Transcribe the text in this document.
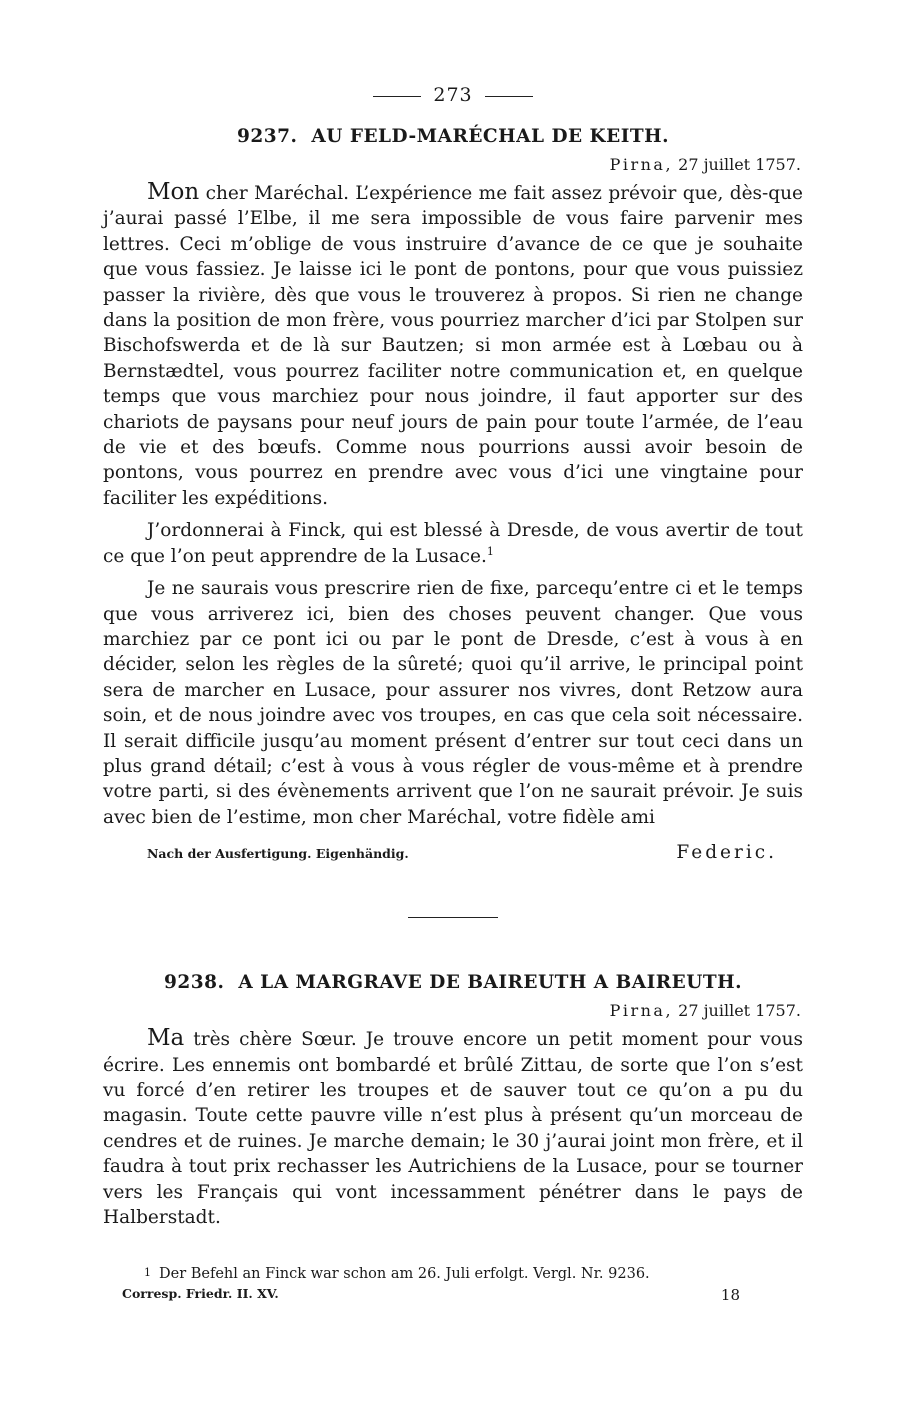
273
9237. AU FELD-MARÉCHAL DE KEITH.
Pirna, 27 juillet 1757.

Mon cher Maréchal. L’expérience me fait assez prévoir que, dès-que j’aurai passé l’Elbe, il me sera impossible de vous faire parvenir mes lettres. Ceci m’oblige de vous instruire d’avance de ce que je souhaite que vous fassiez. Je laisse ici le pont de pontons, pour que vous puissiez passer la rivière, dès que vous le trouverez à propos. Si rien ne change dans la position de mon frère, vous pourriez marcher d’ici par Stolpen sur Bischofswerda et de là sur Bautzen; si mon armée est à Lœbau ou à Bernstædtel, vous pourrez faciliter notre communication et, en quelque temps que vous marchiez pour nous joindre, il faut apporter sur des chariots de paysans pour neuf jours de pain pour toute l’armée, de l’eau de vie et des bœufs. Comme nous pourrions aussi avoir besoin de pontons, vous pourrez en prendre avec vous d’ici une vingtaine pour faciliter les expéditions.

J’ordonnerai à Finck, qui est blessé à Dresde, de vous avertir de tout ce que l’on peut apprendre de la Lusace.$^1$

Je ne saurais vous prescrire rien de fixe, parcequ’entre ci et le temps que vous arriverez ici, bien des choses peuvent changer. Que vous marchiez par ce pont ici ou par le pont de Dresde, c’est à vous à en décider, selon les règles de la sûreté; quoi qu’il arrive, le principal point sera de marcher en Lusace, pour assurer nos vivres, dont Retzow aura soin, et de nous joindre avec vos troupes, en cas que cela soit nécessaire. Il serait difficile jusqu’au moment présent d’entrer sur tout ceci dans un plus grand détail; c’est à vous à vous régler de vous-même et à prendre votre parti, si des évènements arrivent que l’on ne saurait prévoir. Je suis avec bien de l’estime, mon cher Maréchal, votre fidèle ami

Nach der Ausfertigung. Eigenhändig.	Federic.
9238. A LA MARGRAVE DE BAIREUTH A BAIREUTH.
Pirna, 27 juillet 1757.

Ma très chère Sœur. Je trouve encore un petit moment pour vous écrire. Les ennemis ont bombardé et brûlé Zittau, de sorte que l’on s’est vu forcé d’en retirer les troupes et de sauver tout ce qu’on a pu du magasin. Toute cette pauvre ville n’est plus à présent qu’un morceau de cendres et de ruines. Je marche demain; le 30 j’aurai joint mon frère, et il faudra à tout prix rechasser les Autrichiens de la Lusace, pour se tourner vers les Français qui vont incessamment pénétrer dans le pays de Halberstadt.

$^1$ Der Befehl an Finck war schon am 26. Juli erfolgt. Vergl. Nr. 9236.

Corresp. Friedr. II. XV.	18
